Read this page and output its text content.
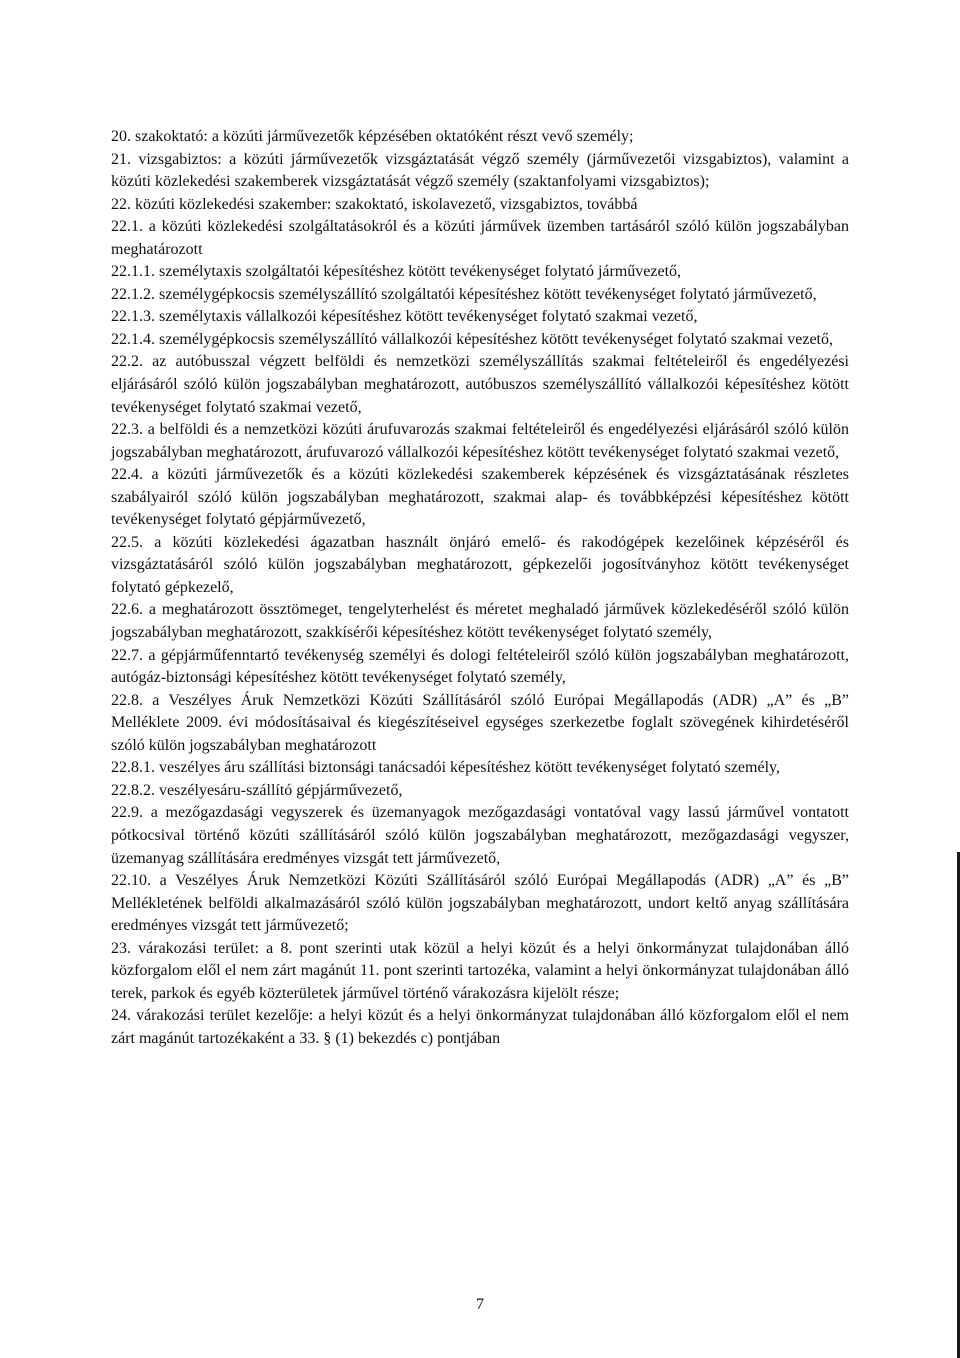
20. szakoktató: a közúti járművezetők képzésében oktatóként részt vevő személy;

21. vizsgabiztos: a közúti járművezetők vizsgáztatását végző személy (járművezetői vizsgabiztos), valamint a közúti közlekedési szakemberek vizsgáztatását végző személy (szaktanfolyami vizsgabiztos);

22. közúti közlekedési szakember: szakoktató, iskolavezető, vizsgabiztos, továbbá

22.1. a közúti közlekedési szolgáltatásokról és a közúti járművek üzemben tartásáról szóló külön jogszabályban meghatározott

22.1.1. személytaxis szolgáltatói képesítéshez kötött tevékenységet folytató járművezető,

22.1.2. személygépkocsis személyszállító szolgáltatói képesítéshez kötött tevékenységet folytató járművezető,

22.1.3. személytaxis vállalkozói képesítéshez kötött tevékenységet folytató szakmai vezető,

22.1.4. személygépkocsis személyszállító vállalkozói képesítéshez kötött tevékenységet folytató szakmai vezető,

22.2. az autóbusszal végzett belföldi és nemzetközi személyszállítás szakmai feltételeiről és engedélyezési eljárásáról szóló külön jogszabályban meghatározott, autóbuszos személyszállító vállalkozói képesítéshez kötött tevékenységet folytató szakmai vezető,

22.3. a belföldi és a nemzetközi közúti árufuvarozás szakmai feltételeiről és engedélyezési eljárásáról szóló külön jogszabályban meghatározott, árufuvarozó vállalkozói képesítéshez kötött tevékenységet folytató szakmai vezető,

22.4. a közúti járművezetők és a közúti közlekedési szakemberek képzésének és vizsgáztatásának részletes szabályairól szóló külön jogszabályban meghatározott, szakmai alap- és továbbképzési képesítéshez kötött tevékenységet folytató gépjárművezető,

22.5. a közúti közlekedési ágazatban használt önjáró emelő- és rakodógépek kezelőinek képzéséről és vizsgáztatásáról szóló külön jogszabályban meghatározott, gépkezelői jogosítványhoz kötött tevékenységet folytató gépkezelő,

22.6. a meghatározott össztömeget, tengelyterhelést és méretet meghaladó járművek közlekedéséről szóló külön jogszabályban meghatározott, szakkísérői képesítéshez kötött tevékenységet folytató személy,

22.7. a gépjárműfenntartó tevékenység személyi és dologi feltételeiről szóló külön jogszabályban meghatározott, autógáz-biztonsági képesítéshez kötött tevékenységet folytató személy,

22.8. a Veszélyes Áruk Nemzetközi Közúti Szállításáról szóló Európai Megállapodás (ADR) „A” és „B” Melléklete 2009. évi módosításaival és kiegészítéseivel egységes szerkezetbe foglalt szövegének kihirdetéséről szóló külön jogszabályban meghatározott

22.8.1. veszélyes áru szállítási biztonsági tanácsadói képesítéshez kötött tevékenységet folytató személy,

22.8.2. veszélyesáru-szállító gépjárművezető,

22.9. a mezőgazdasági vegyszerek és üzemanyagok mezőgazdasági vontatóval vagy lassú járművel vontatott pótkocsival történő közúti szállításáról szóló külön jogszabályban meghatározott, mezőgazdasági vegyszer, üzemanyag szállítására eredményes vizsgát tett járművezető,

22.10. a Veszélyes Áruk Nemzetközi Közúti Szállításáról szóló Európai Megállapodás (ADR) „A” és „B” Mellékletének belföldi alkalmazásáról szóló külön jogszabályban meghatározott, undort keltő anyag szállítására eredményes vizsgát tett járművezető;

23. várakozási terület: a 8. pont szerinti utak közül a helyi közút és a helyi önkormányzat tulajdonában álló közforgalom elől el nem zárt magánút 11. pont szerinti tartozéka, valamint a helyi önkormányzat tulajdonában álló terek, parkok és egyéb közterületek járművel történő várakozásra kijelölt része;

24. várakozási terület kezelője: a helyi közút és a helyi önkormányzat tulajdonában álló közforgalom elől el nem zárt magánút tartozékaként a 33. § (1) bekezdés c) pontjában

7
